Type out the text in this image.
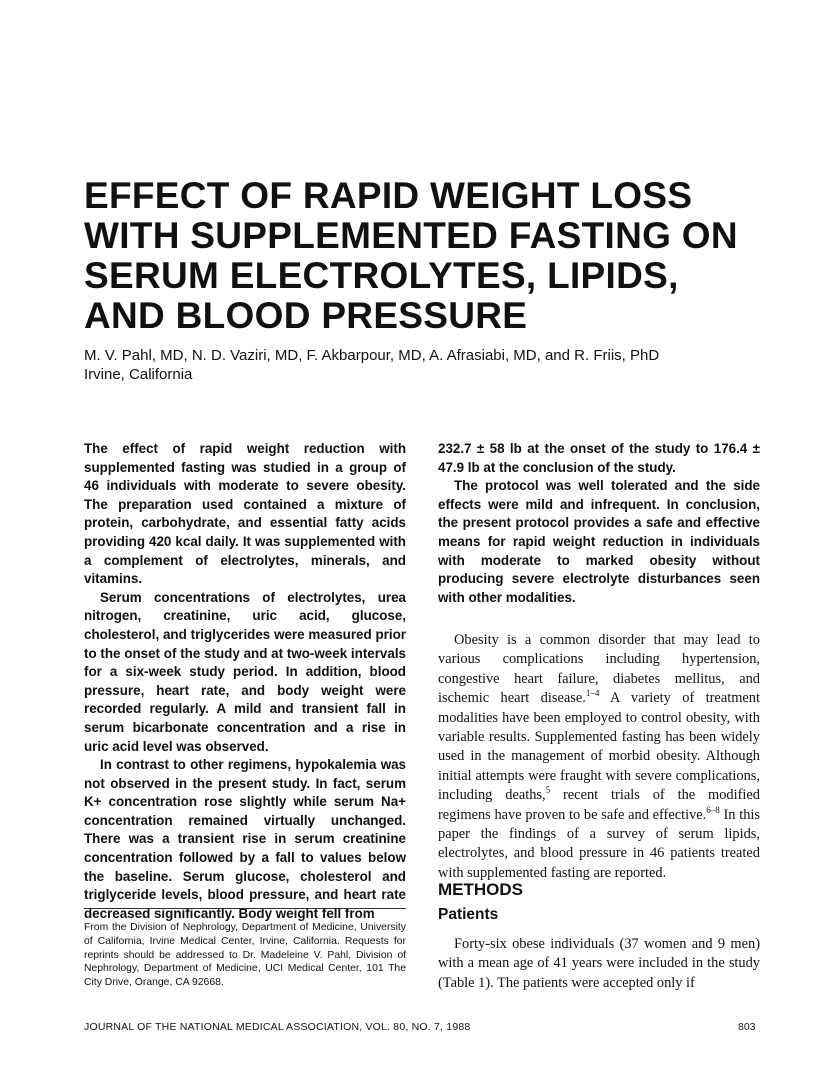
EFFECT OF RAPID WEIGHT LOSS WITH SUPPLEMENTED FASTING ON SERUM ELECTROLYTES, LIPIDS, AND BLOOD PRESSURE
M. V. Pahl, MD, N. D. Vaziri, MD, F. Akbarpour, MD, A. Afrasiabi, MD, and R. Friis, PhD
Irvine, California

The effect of rapid weight reduction with supplemented fasting was studied in a group of 46 individuals with moderate to severe obesity. The preparation used contained a mixture of protein, carbohydrate, and essential fatty acids providing 420 kcal daily. It was supplemented with a complement of electrolytes, minerals, and vitamins.

Serum concentrations of electrolytes, urea nitrogen, creatinine, uric acid, glucose, cholesterol, and triglycerides were measured prior to the onset of the study and at two-week intervals for a six-week study period. In addition, blood pressure, heart rate, and body weight were recorded regularly. A mild and transient fall in serum bicarbonate concentration and a rise in uric acid level was observed.

In contrast to other regimens, hypokalemia was not observed in the present study. In fact, serum K+ concentration rose slightly while serum Na+ concentration remained virtually unchanged. There was a transient rise in serum creatinine concentration followed by a fall to values below the baseline. Serum glucose, cholesterol and triglyceride levels, blood pressure, and heart rate decreased significantly. Body weight fell from

232.7 ± 58 lb at the onset of the study to 176.4 ± 47.9 lb at the conclusion of the study.

The protocol was well tolerated and the side effects were mild and infrequent. In conclusion, the present protocol provides a safe and effective means for rapid weight reduction in individuals with moderate to marked obesity without producing severe electrolyte disturbances seen with other modalities.

Obesity is a common disorder that may lead to various complications including hypertension, congestive heart failure, diabetes mellitus, and ischemic heart disease.$^{1-4}$ A variety of treatment modalities have been employed to control obesity, with variable results. Supplemented fasting has been widely used in the management of morbid obesity. Although initial attempts were fraught with severe complications, including deaths,$^5$ recent trials of the modified regimens have proven to be safe and effective.$^{6-8}$ In this paper the findings of a survey of serum lipids, electrolytes, and blood pressure in 46 patients treated with supplemented fasting are reported.

METHODS
Patients

Forty-six obese individuals (37 women and 9 men) with a mean age of 41 years were included in the study (Table 1). The patients were accepted only if

From the Division of Nephrology, Department of Medicine, University of California, Irvine Medical Center, Irvine, California. Requests for reprints should be addressed to Dr. Madeleine V. Pahl, Division of Nephrology, Department of Medicine, UCI Medical Center, 101 The City Drive, Orange, CA 92668.

JOURNAL OF THE NATIONAL MEDICAL ASSOCIATION, VOL. 80, NO. 7, 1988	803
